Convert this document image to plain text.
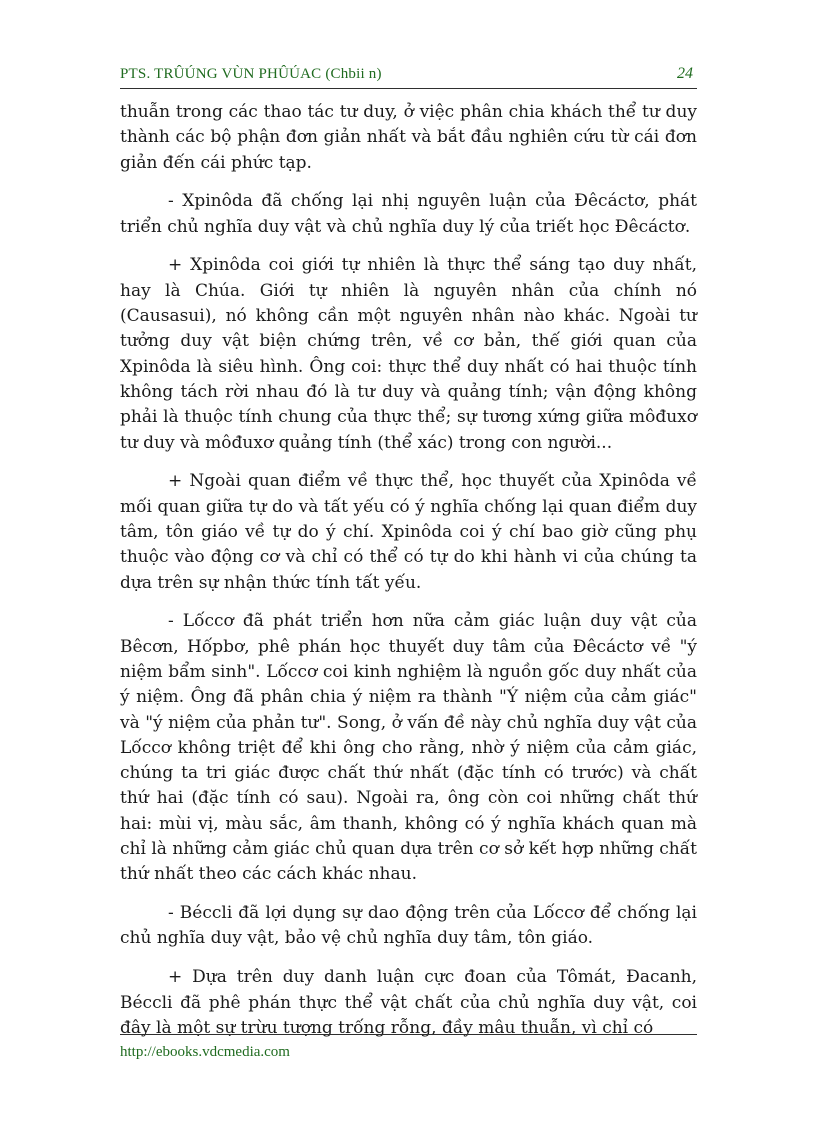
PTS. TRÛÚNG VÙN PHÛÚAC (Chbii n)	24

thuẫn trong các thao tác tư duy, ở việc phân chia khách thể tư duy thành các bộ phận đơn giản nhất và bắt đầu nghiên cứu từ cái đơn giản đến cái phức tạp.

- Xpinôda đã chống lại nhị nguyên luận của Đêcáctơ, phát triển chủ nghĩa duy vật và chủ nghĩa duy lý của triết học Đêcáctơ.

+ Xpinôda coi giới tự nhiên là thực thể sáng tạo duy nhất, hay là Chúa. Giới tự nhiên là nguyên nhân của chính nó (Causasui), nó không cần một nguyên nhân nào khác. Ngoài tư tưởng duy vật biện chứng trên, về cơ bản, thế giới quan của Xpinôda là siêu hình. Ông coi: thực thể duy nhất có hai thuộc tính không tách rời nhau đó là tư duy và quảng tính; vận động không phải là thuộc tính chung của thực thể; sự tương xứng giữa môđuxơ tư duy và môđuxơ quảng tính (thể xác) trong con người...

+ Ngoài quan điểm về thực thể, học thuyết của Xpinôda về mối quan giữa tự do và tất yếu có ý nghĩa chống lại quan điểm duy tâm, tôn giáo về tự do ý chí. Xpinôda coi ý chí bao giờ cũng phụ thuộc vào động cơ và chỉ có thể có tự do khi hành vi của chúng ta dựa trên sự nhận thức tính tất yếu.

- Lốccơ đã phát triển hơn nữa cảm giác luận duy vật của Bêcơn, Hốpbơ, phê phán học thuyết duy tâm của Đêcáctơ về "ý niệm bẩm sinh". Lốccơ coi kinh nghiệm là nguồn gốc duy nhất của ý niệm. Ông đã phân chia ý niệm ra thành "Ý niệm của cảm giác" và "ý niệm của phản tư". Song, ở vấn đề này chủ nghĩa duy vật của Lốccơ không triệt để khi ông cho rằng, nhờ ý niệm của cảm giác, chúng ta tri giác được chất thứ nhất (đặc tính có trước) và chất thứ hai (đặc tính có sau). Ngoài ra, ông còn coi những chất thứ hai: mùi vị, màu sắc, âm thanh, không có ý nghĩa khách quan mà chỉ là những cảm giác chủ quan dựa trên cơ sở kết hợp những chất thứ nhất theo các cách khác nhau.

- Béccli đã lợi dụng sự dao động trên của Lốccơ để chống lại chủ nghĩa duy vật, bảo vệ chủ nghĩa duy tâm, tôn giáo.

+ Dựa trên duy danh luận cực đoan của Tômát, Đacanh, Béccli đã phê phán thực thể vật chất của chủ nghĩa duy vật, coi đây là một sự trừu tượng trống rỗng, đầy mâu thuẫn, vì chỉ có

http://ebooks.vdcmedia.com
